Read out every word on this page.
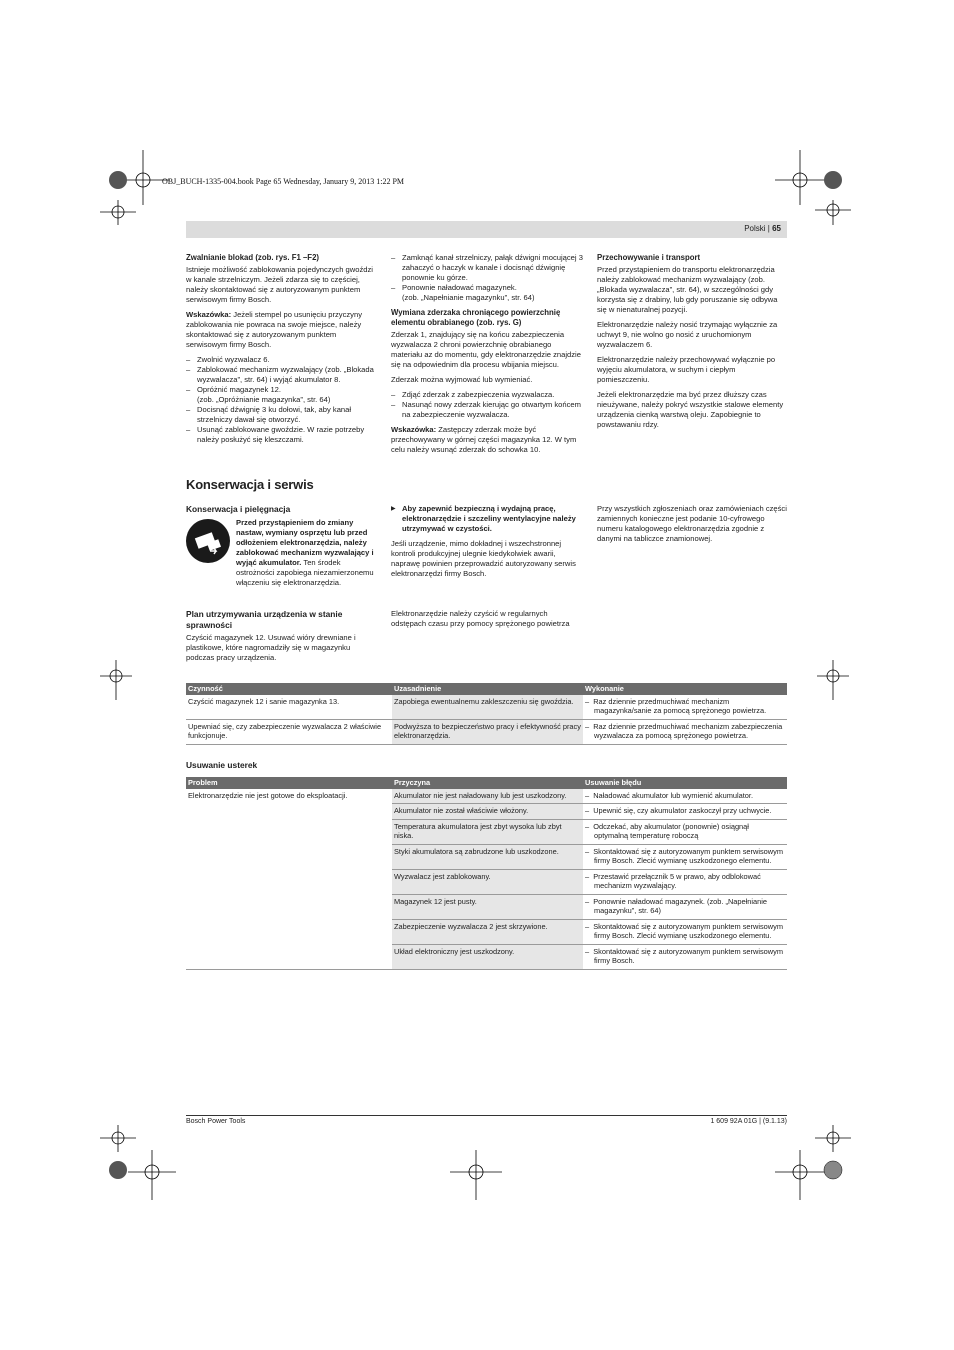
OBJ_BUCH-1335-004.book Page 65 Wednesday, January 9, 2013 1:22 PM
Polski | 65
Zwalnianie blokad (zob. rys. F1 –F2)

Istnieje możliwość zablokowania pojedynczych gwoździ w kanale strzelniczym. Jeżeli zdarza się to częściej, należy skontaktować się z autoryzowanym punktem serwisowym firmy Bosch.

Wskazówka: Jeżeli stempel po usunięciu przyczyny zablokowania nie powraca na swoje miejsce, należy skontaktować się z autoryzowanym punktem serwisowym firmy Bosch.

– Zwolnić wyzwalacz 6.
– Zablokować mechanizm wyzwalający (zob. „Blokada wyzwalacza”, str. 64) i wyjąć akumulator 8.
– Opróżnić magazynek 12.
(zob. „Opróżnianie magazynka”, str. 64)
– Docisnąć dźwignię 3 ku dołowi, tak, aby kanał strzelniczy dawał się otworzyć.
– Usunąć zablokowane gwoździe. W razie potrzeby należy posłużyć się kleszczami.
– Zamknąć kanał strzelniczy, pałąk dźwigni mocującej 3 zahaczyć o haczyk w kanale i docisnąć dźwignię ponownie ku górze.
– Ponownie naładować magazynek.
(zob. „Napełnianie magazynku”, str. 64)
Wymiana zderzaka chroniącego powierzchnię elementu obrabianego (zob. rys. G)

Zderzak 1, znajdujący się na końcu zabezpieczenia wyzwalacza 2 chroni powierzchnię obrabianego materiału az do momentu, gdy elektronarzędzie znajdzie się na odpowiednim dla procesu wbijania miejscu.

Zderzak można wyjmować lub wymieniać.

– Zdjąć zderzak z zabezpieczenia wyzwalacza.
– Nasunąć nowy zderzak kierując go otwartym końcem na zabezpieczenie wyzwalacza.

Wskazówka: Zastępczy zderzak może być przechowywany w górnej części magazynka 12. W tym celu należy wsunąć zderzak do schowka 10.

Przechowywanie i transport

Przed przystąpieniem do transportu elektronarzędzia należy zablokować mechanizm wyzwalający (zob. „Blokada wyzwalacza”, str. 64), w szczególności gdy korzysta się z drabiny, lub gdy poruszanie się odbywa się w nienaturalnej pozycji.

Elektronarzędzie należy nosić trzymając wyłącznie za uchwyt 9, nie wolno go nosić z uruchomionym wyzwalaczem 6.

Elektronarzędzie należy przechowywać wyłącznie po wyjęciu akumulatora, w suchym i ciepłym pomieszczeniu.

Jeżeli elektronarzędzie ma być przez dłuższy czas nieużywane, należy pokryć wszystkie stalowe elementy urządzenia cienką warstwą oleju. Zapobiegnie to powstawaniu rdzy.

Konserwacja i serwis
Konserwacja i pielęgnacja

Przed przystąpieniem do zmiany nastaw, wymiany osprzętu lub przed odłożeniem elektronarzędzia, należy zablokować mechanizm wyzwalający i wyjąć akumulator. Ten środek ostrożności zapobiega niezamierzonemu włączeniu się elektronarzędzia.

▶ Aby zapewnić bezpieczną i wydajną pracę, elektronarzędzie i szczeliny wentylacyjne należy utrzymywać w czystości.

Jeśli urządzenie, mimo dokładnej i wszechstronnej kontroli produkcyjnej ulegnie kiedykolwiek awarii, naprawę powinien przeprowadzić autoryzowany serwis elektronarzędzi firmy Bosch.

Przy wszystkich zgłoszeniach oraz zamówieniach części zamiennych konieczne jest podanie 10-cyfrowego numeru katalogowego elektronarzędzia zgodnie z danymi na tabliczce znamionowej.

Plan utrzymywania urządzenia w stanie sprawności

Czyścić magazynek 12. Usuwać wióry drewniane i plastikowe, które nagromadziły się w magazynku podczas pracy urządzenia.

Elektronarzędzie należy czyścić w regularnych odstępach czasu przy pomocy sprężonego powietrza

Czynność	Uzasadnienie	Wykonanie
Czyścić magazynek 12 i sanie magazynka 13.	Zapobiega ewentualnemu zakleszczeniu się gwoździa.	–  Raz dziennie przedmuchiwać mechanizm magazynka/sanie za pomocą sprężonego powietrza.
Upewniać się, czy zabezpieczenie wyzwalacza 2 właściwie funkcjonuje.	Podwyższa to bezpieczeństwo pracy i efektywność pracy elektronarzędzia.	–  Raz dziennie przedmuchiwać mechanizm zabezpieczenia wyzwalacza za pomocą sprężonego powietrza.
Usuwanie usterek
Problem	Przyczyna	Usuwanie błędu
Elektronarzędzie nie jest gotowe do eksploatacji.	Akumulator nie jest naładowany lub jest uszkodzony.	–  Naładować akumulator lub wymienić akumulator.
	Akumulator nie został właściwie włożony.	–  Upewnić się, czy akumulator zaskoczył przy uchwycie.
	Temperatura akumulatora jest zbyt wysoka lub zbyt niska.	–  Odczekać, aby akumulator (ponownie) osiągnął optymalną temperaturę roboczą
	Styki akumulatora są zabrudzone lub uszkodzone.	–  Skontaktować się z autoryzowanym punktem serwisowym firmy Bosch. Zlecić wymianę uszkodzonego elementu.
	Wyzwalacz jest zablokowany.	–  Przestawić przełącznik 5 w prawo, aby odblokować mechanizm wyzwalający.
	Magazynek 12 jest pusty.	–  Ponownie naładować magazynek. (zob. „Napełnianie magazynku”, str. 64)
	Zabezpieczenie wyzwalacza 2 jest skrzywione.	–  Skontaktować się z autoryzowanym punktem serwisowym firmy Bosch. Zlecić wymianę uszkodzonego elementu.
	Układ elektroniczny jest uszkodzony.	–  Skontaktować się z autoryzowanym punktem serwisowym firmy Bosch.
Bosch Power Tools	1 609 92A 01G | (9.1.13)
